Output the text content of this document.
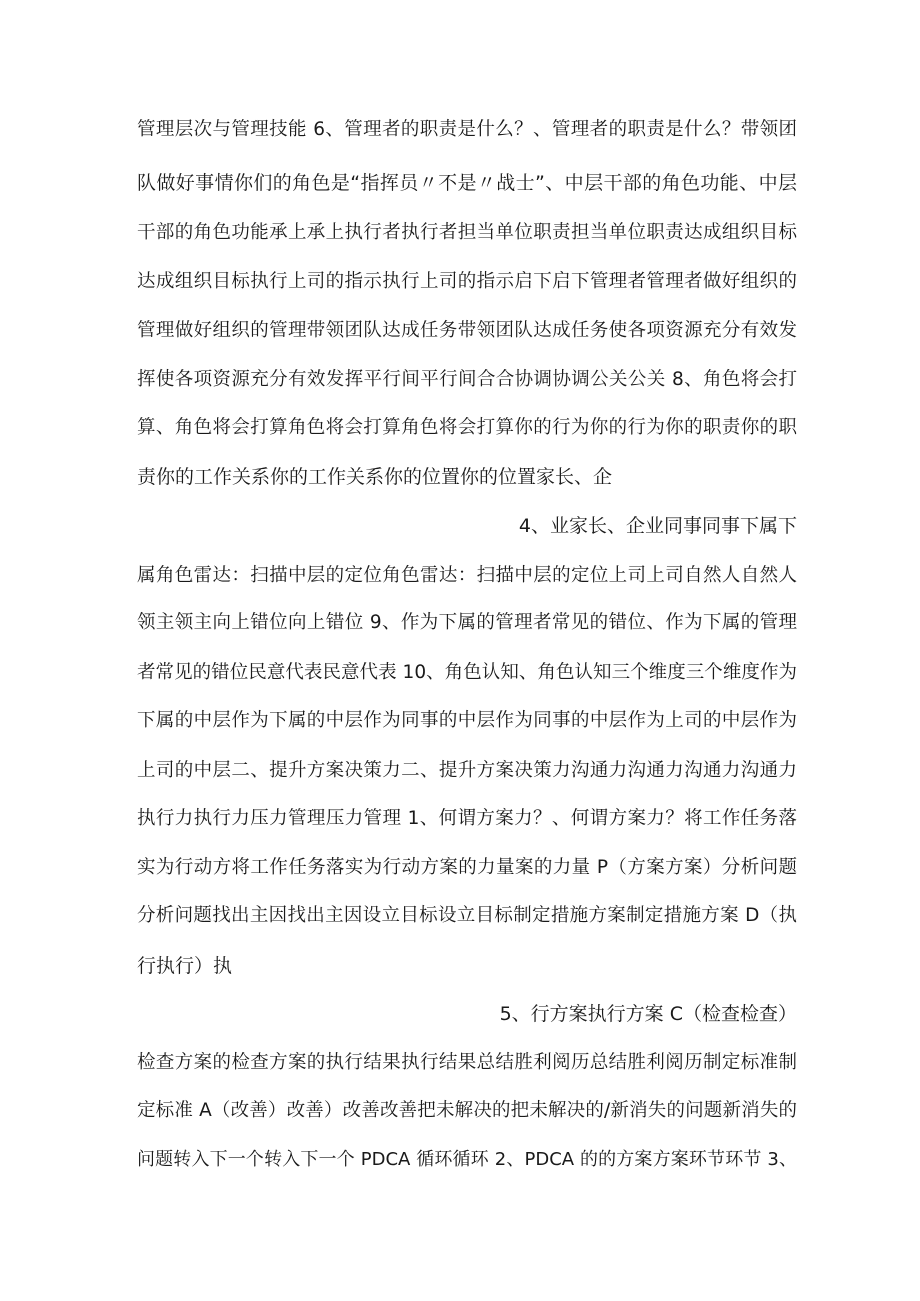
管理层次与管理技能 6、管理者的职责是什么？、管理者的职责是什么？带领团
队做好事情你们的角色是“指挥员〃不是〃战士”、中层干部的角色功能、中层
干部的角色功能承上承上执行者执行者担当单位职责担当单位职责达成组织目标
达成组织目标执行上司的指示执行上司的指示启下启下管理者管理者做好组织的
管理做好组织的管理带领团队达成任务带领团队达成任务使各项资源充分有效发
挥使各项资源充分有效发挥平行间平行间合合协调协调公关公关 8、角色将会打
算、角色将会打算角色将会打算角色将会打算你的行为你的行为你的职责你的职
责你的工作关系你的工作关系你的位置你的位置家长、企
4、业家长、企业同事同事下属下
属角色雷达：扫描中层的定位角色雷达：扫描中层的定位上司上司自然人自然人
领主领主向上错位向上错位 9、作为下属的管理者常见的错位、作为下属的管理
者常见的错位民意代表民意代表 10、角色认知、角色认知三个维度三个维度作为
下属的中层作为下属的中层作为同事的中层作为同事的中层作为上司的中层作为
上司的中层二、提升方案决策力二、提升方案决策力沟通力沟通力沟通力沟通力
执行力执行力压力管理压力管理 1、何谓方案力？、何谓方案力？将工作任务落
实为行动方将工作任务落实为行动方案的力量案的力量 P（方案方案）分析问题
分析问题找出主因找出主因设立目标设立目标制定措施方案制定措施方案 D（执
行执行）执
5、行方案执行方案 C（检查检查）
检查方案的检查方案的执行结果执行结果总结胜利阅历总结胜利阅历制定标准制
定标准 A（改善）改善）改善改善把未解决的把未解决的/新消失的问题新消失的
问题转入下一个转入下一个 PDCA 循环循环 2、PDCA 的的方案方案环节环节 3、
